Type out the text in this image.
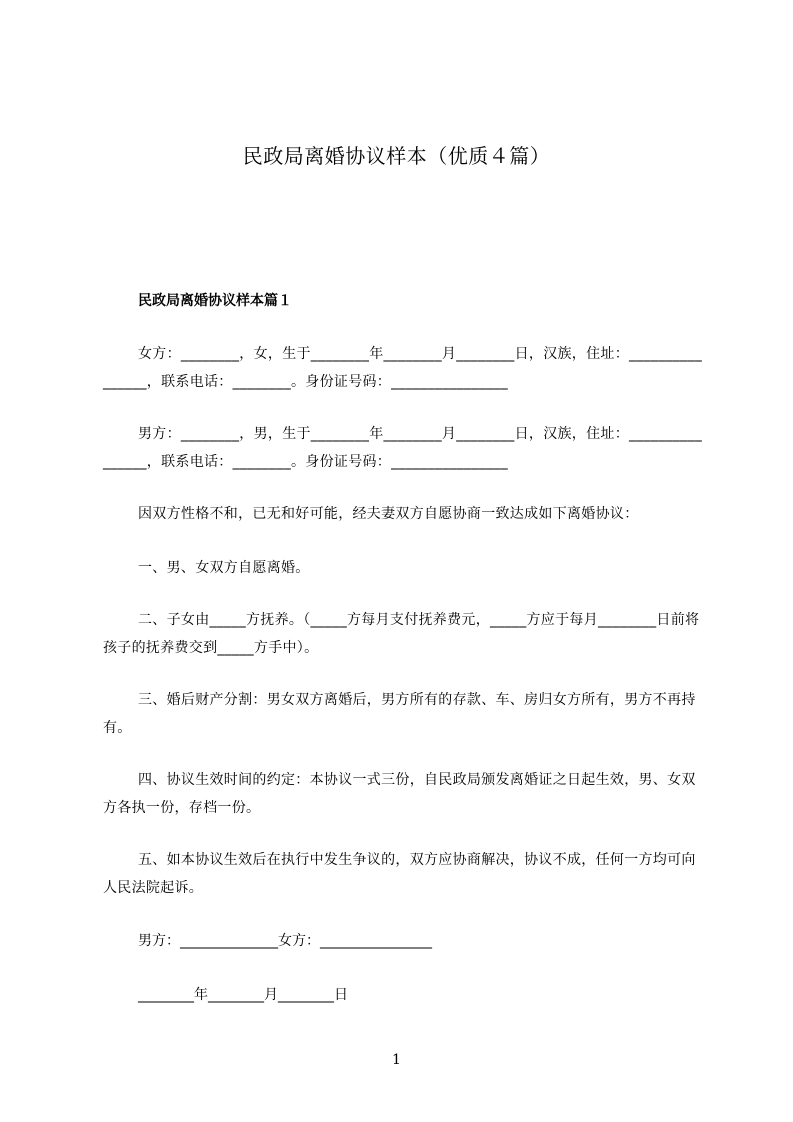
民政局离婚协议样本（优质４篇）
民政局离婚协议样本篇１

女方：________，女，生于________年________月________日，汉族，住址：________________，联系电话：________。身份证号码：________________

男方：________，男，生于________年________月________日，汉族，住址：________________，联系电话：________。身份证号码：________________

因双方性格不和，已无和好可能，经夫妻双方自愿协商一致达成如下离婚协议：

一、男、女双方自愿离婚。

二、子女由_____方抚养。（_____方每月支付抚养费元，_____方应于每月________日前将孩子的抚养费交到_____方手中）。

三、婚后财产分割：男女双方离婚后，男方所有的存款、车、房归女方所有，男方不再持有。

四、协议生效时间的约定：本协议一式三份，自民政局颁发离婚证之日起生效，男、女双方各执一份，存档一份。

五、如本协议生效后在执行中发生争议的，双方应协商解决，协议不成，任何一方均可向人民法院起诉。

男方：______________女方：________________
________年________月________日
1
